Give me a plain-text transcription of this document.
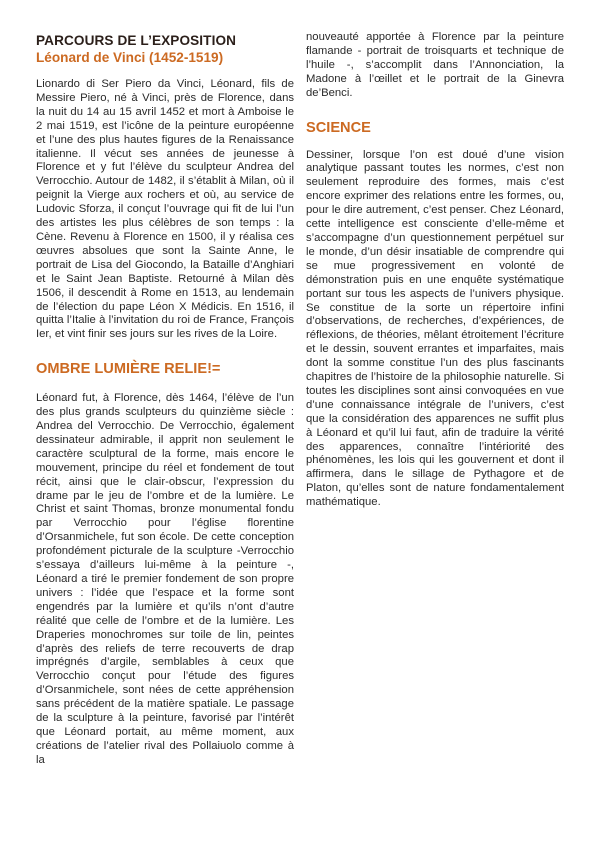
PARCOURS DE L’EXPOSITION
Léonard de Vinci (1452-1519)

Lionardo di Ser Piero da Vinci, Léonard, fils de Messire Piero, né à Vinci, près de Florence, dans la nuit du 14 au 15 avril 1452 et mort à Amboise le 2 mai 1519, est l’icône de la peinture européenne et l’une des plus hautes figures de la Renaissance italienne. Il vécut ses années de jeunesse à Florence et y fut l’élève du sculpteur Andrea del Verrocchio. Autour de 1482, il s’établit à Milan, où il peignit la Vierge aux rochers et où, au service de Ludovic Sforza, il conçut l’ouvrage qui fit de lui l’un des artistes les plus célèbres de son temps : la Cène. Revenu à Florence en 1500, il y réalisa ces œuvres absolues que sont la Sainte Anne, le portrait de Lisa del Giocondo, la Bataille d’Anghiari et le Saint Jean Baptiste. Retourné à Milan dès 1506, il descendit à Rome en 1513, au lendemain de l’élection du pape Léon X Médicis. En 1516, il quitta l’Italie à l’invitation du roi de France, François Ier, et vint finir ses jours sur les rives de la Loire.

OMBRE LUMIÈRE RELIE!=

Léonard fut, à Florence, dès 1464, l’élève de l’un des plus grands sculpteurs du quinzième siècle : Andrea del Verrocchio. De Verrocchio, également dessinateur admirable, il apprit non seulement le caractère sculptural de la forme, mais encore le mouvement, principe du réel et fondement de tout récit, ainsi que le clair-obscur, l’expression du drame par le jeu de l’ombre et de la lumière. Le Christ et saint Thomas, bronze monumental fondu par Verrocchio pour l’église florentine d’Orsanmichele, fut son école. De cette conception profondément picturale de la sculpture -Verrocchio s’essaya d’ailleurs lui-même à la peinture -, Léonard a tiré le premier fondement de son propre univers : l’idée que l’espace et la forme sont engendrés par la lumière et qu’ils n’ont d’autre réalité que celle de l’ombre et de la lumière. Les Draperies monochromes sur toile de lin, peintes d’après des reliefs de terre recouverts de drap imprégnés d’argile, semblables à ceux que Verrocchio conçut pour l’étude des figures d’Orsanmichele, sont nées de cette appréhension sans précédent de la matière spatiale. Le passage de la sculpture à la peinture, favorisé par l’intérêt que Léonard portait, au même moment, aux créations de l’atelier rival des Pollaiuolo comme à la

nouveauté apportée à Florence par la peinture flamande - portrait de troisquarts et technique de l’huile -, s’accomplit dans l’Annonciation, la Madone à l’œillet et le portrait de la Ginevra de’Benci.

SCIENCE

Dessiner, lorsque l’on est doué d’une vision analytique passant toutes les normes, c’est non seulement reproduire des formes, mais c’est encore exprimer des relations entre les formes, ou, pour le dire autrement, c’est penser. Chez Léonard, cette intelligence est consciente d’elle-même et s’accompagne d’un questionnement perpétuel sur le monde, d’un désir insatiable de comprendre qui se mue progressivement en volonté de démonstration puis en une enquête systématique portant sur tous les aspects de l’univers physique. Se constitue de la sorte un répertoire infini d’observations, de recherches, d’expériences, de réflexions, de théories, mêlant étroitement l’écriture et le dessin, souvent errantes et imparfaites, mais dont la somme constitue l’un des plus fascinants chapitres de l’histoire de la philosophie naturelle. Si toutes les disciplines sont ainsi convoquées en vue d’une connaissance intégrale de l’univers, c’est que la considération des apparences ne suffit plus à Léonard et qu’il lui faut, afin de traduire la vérité des apparences, connaître l’intériorité des phénomènes, les lois qui les gouvernent et dont il affirmera, dans le sillage de Pythagore et de Platon, qu’elles sont de nature fondamentalement mathématique.
